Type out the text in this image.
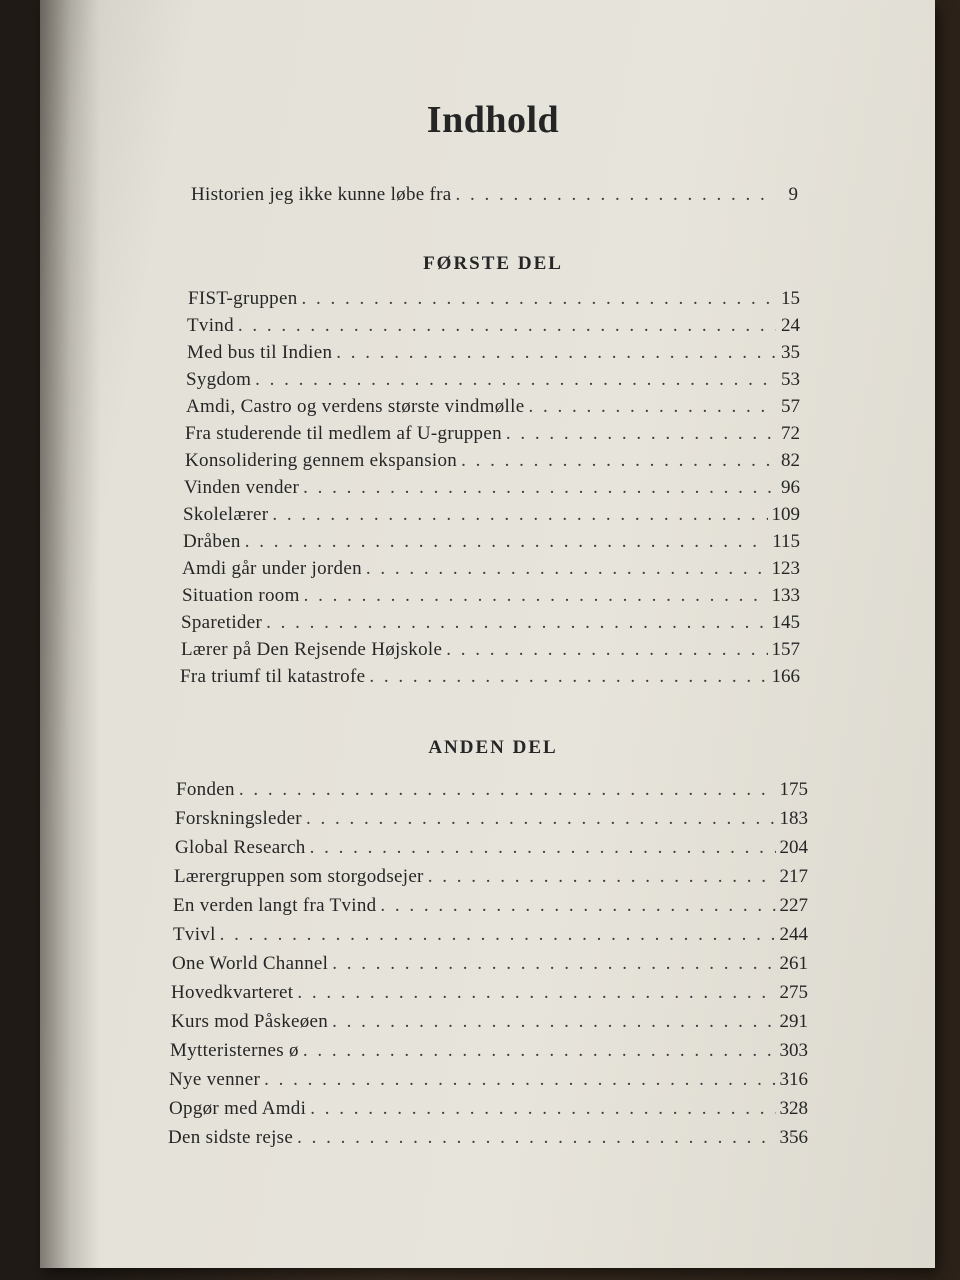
Indhold
Historien jeg ikke kunne løbe fra . . .	9
FØRSTE DEL
FIST-gruppen . . .	15
Tvind . . .	24
Med bus til Indien . . .	35
Sygdom . . .	53
Amdi, Castro og verdens største vindmølle . . .	57
Fra studerende til medlem af U-gruppen . . .	72
Konsolidering gennem ekspansion . . .	82
Vinden vender . . .	96
Skolelærer . . .	109
Dråben . . .	115
Amdi går under jorden . . .	123
Situation room . . .	133
Sparetider . . .	145
Lærer på Den Rejsende Højskole . . .	157
Fra triumf til katastrofe . . .	166
ANDEN DEL
Fonden . . .	175
Forskningsleder . . .	183
Global Research . . .	204
Lærergruppen som storgodsejer . . .	217
En verden langt fra Tvind . . .	227
Tvivl . . .	244
One World Channel . . .	261
Hovedkvarteret . . .	275
Kurs mod Påskeøen . . .	291
Mytteristernes ø . . .	303
Nye venner . . .	316
Opgør med Amdi . . .	328
Den sidste rejse . . .	356
